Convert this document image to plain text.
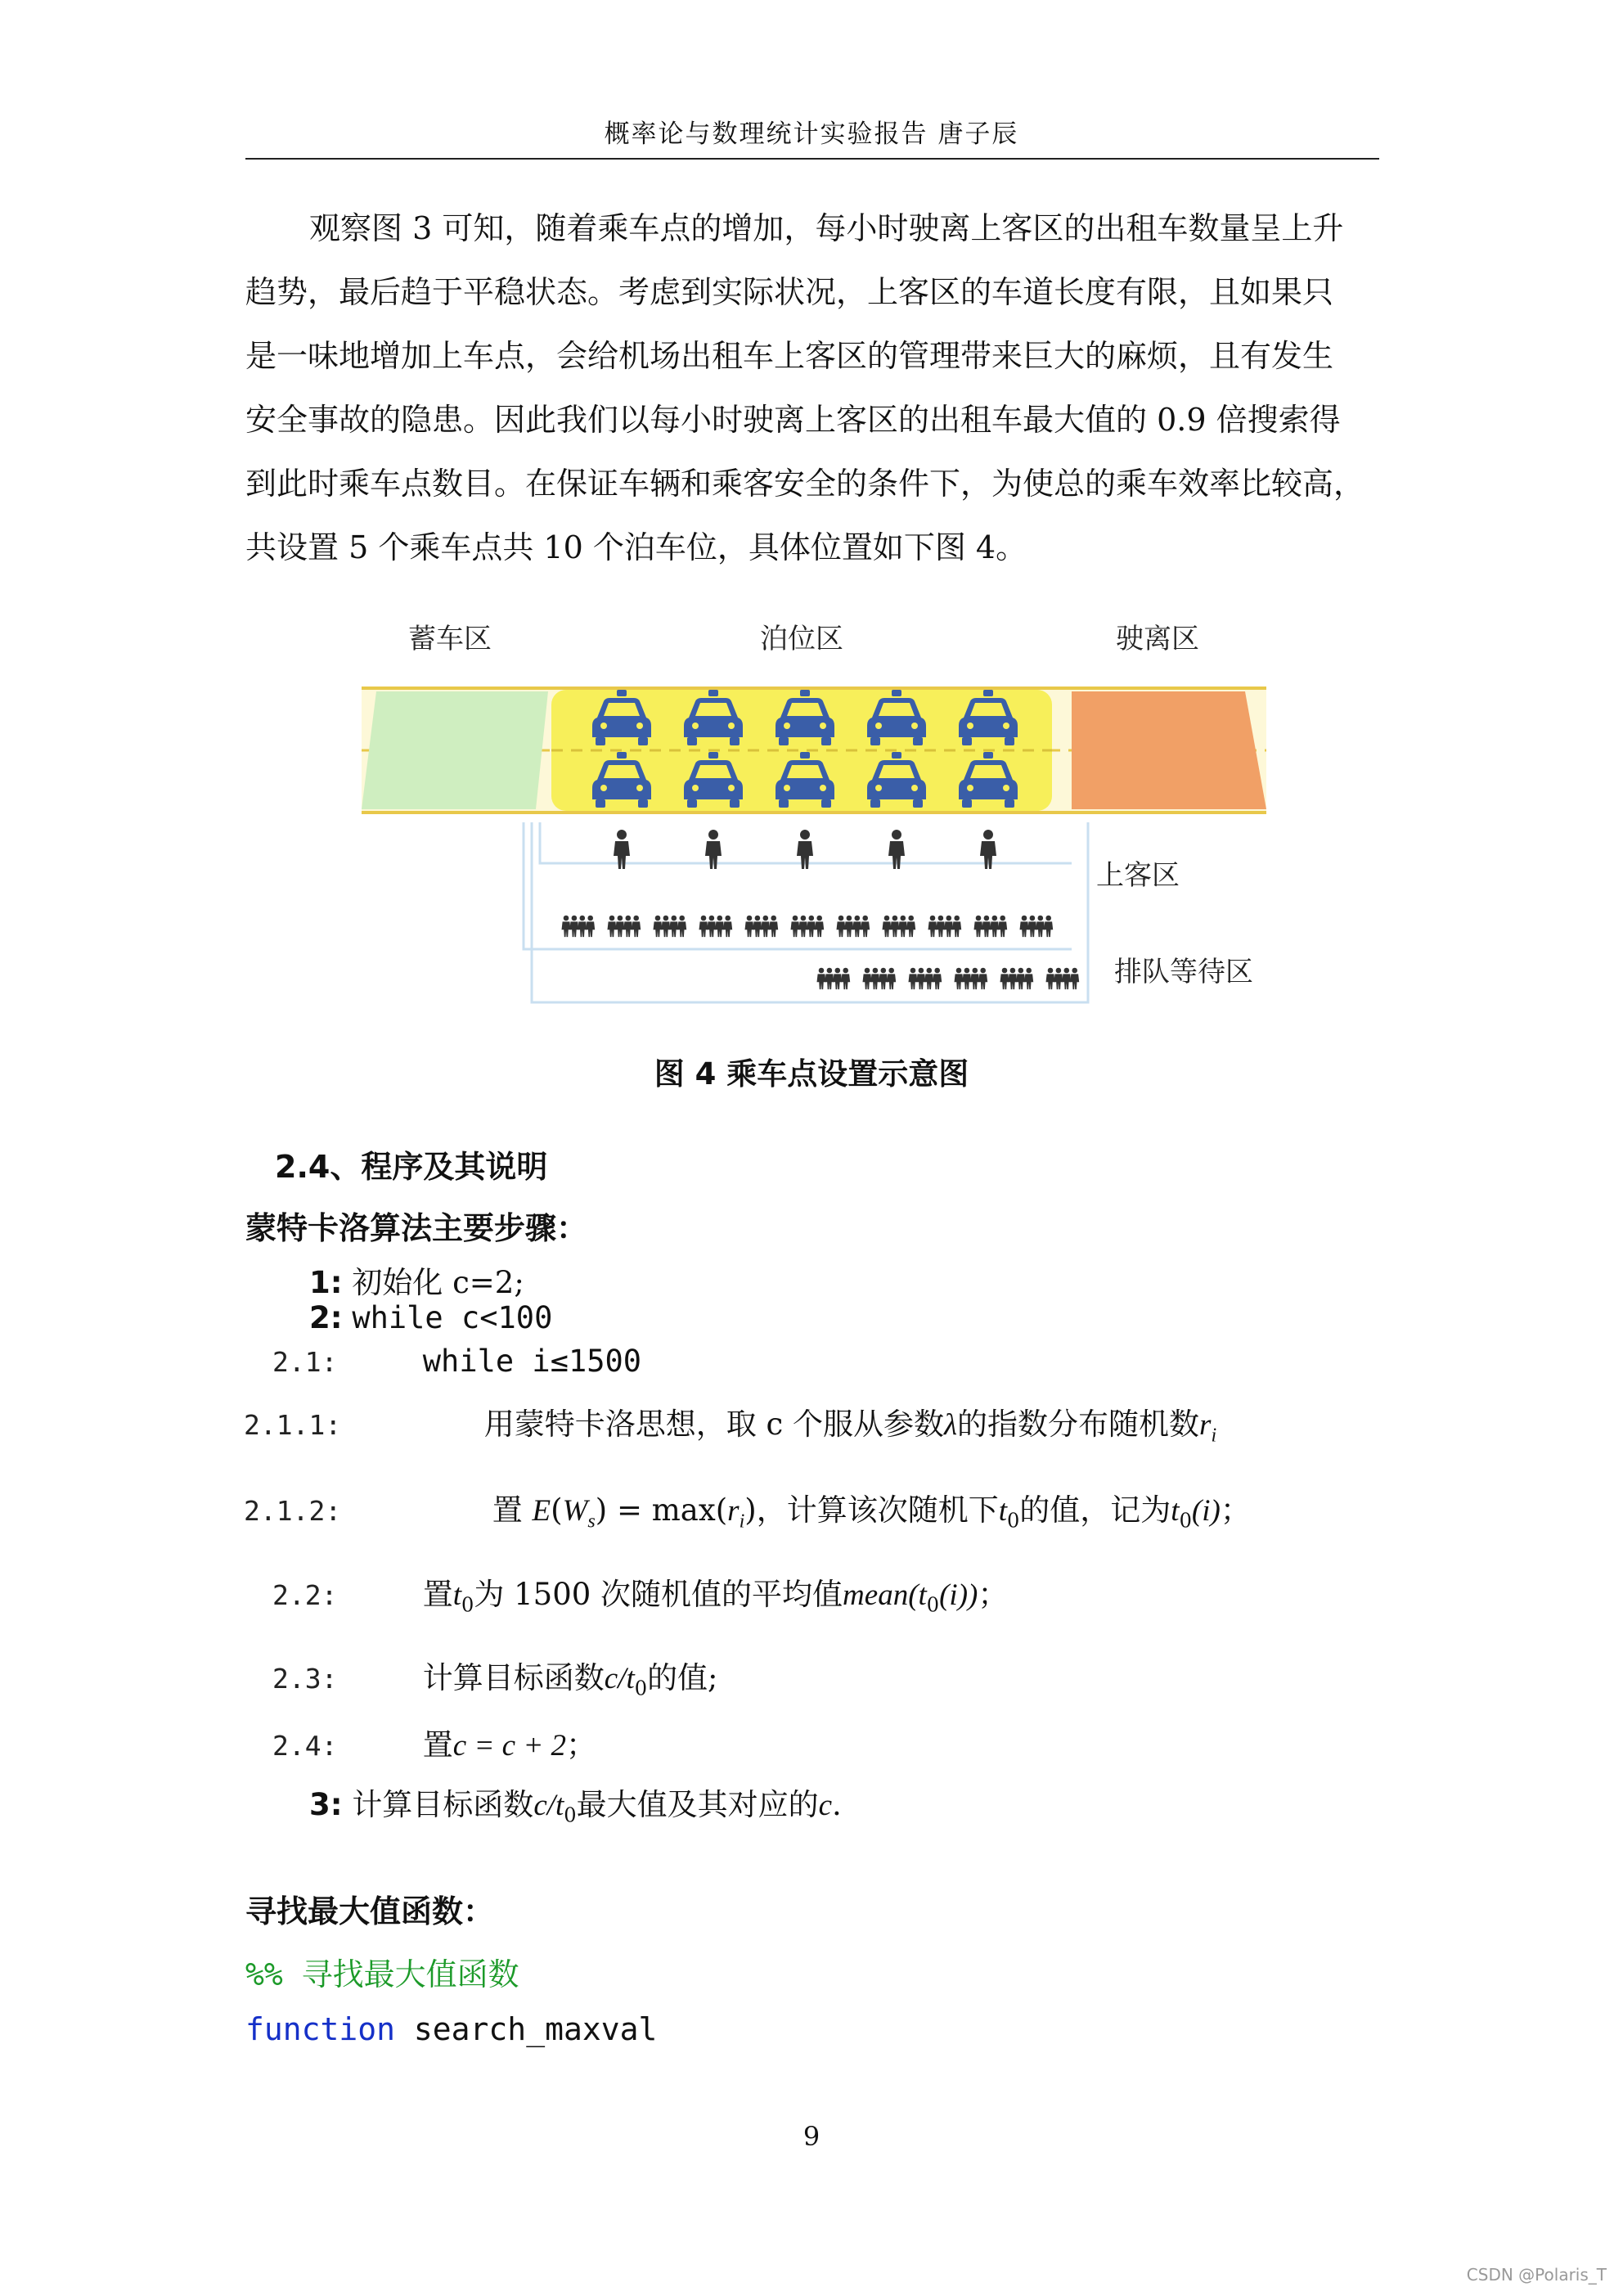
概率论与数理统计实验报告 唐子辰
观察图 3 可知，随着乘车点的增加，每小时驶离上客区的出租车数量呈上升
趋势，最后趋于平稳状态。考虑到实际状况，上客区的车道长度有限，且如果只
是一味地增加上车点，会给机场出租车上客区的管理带来巨大的麻烦，且有发生
安全事故的隐患。因此我们以每小时驶离上客区的出租车最大值的 0.9 倍搜索得
到此时乘车点数目。在保证车辆和乘客安全的条件下，为使总的乘车效率比较高，
共设置 5 个乘车点共 10 个泊车位，具体位置如下图 4。
蓄车区	泊位区	驶离区
上客区
排队等待区
图 4 乘车点设置示意图
2.4、程序及其说明
蒙特卡洛算法主要步骤：
1: 初始化 c=2;
2: while c<100
2.1:	while i≤1500
2.1.1:	用蒙特卡洛思想，取 c 个服从参数λ的指数分布随机数$r_i$
2.1.2:	置 $E(W_s) = \max(r_i)$，计算该次随机下$t_0$的值，记为$t_0(i)$；
2.2:	置$t_0$为 1500 次随机值的平均值$mean(t_0(i))$；
2.3:	计算目标函数$c/t_0$的值;
2.4:	置c = c + 2；
3: 计算目标函数$c/t_0$最大值及其对应的c.
寻找最大值函数：
%% 寻找最大值函数
function search_maxval
9
CSDN @Polaris_T
